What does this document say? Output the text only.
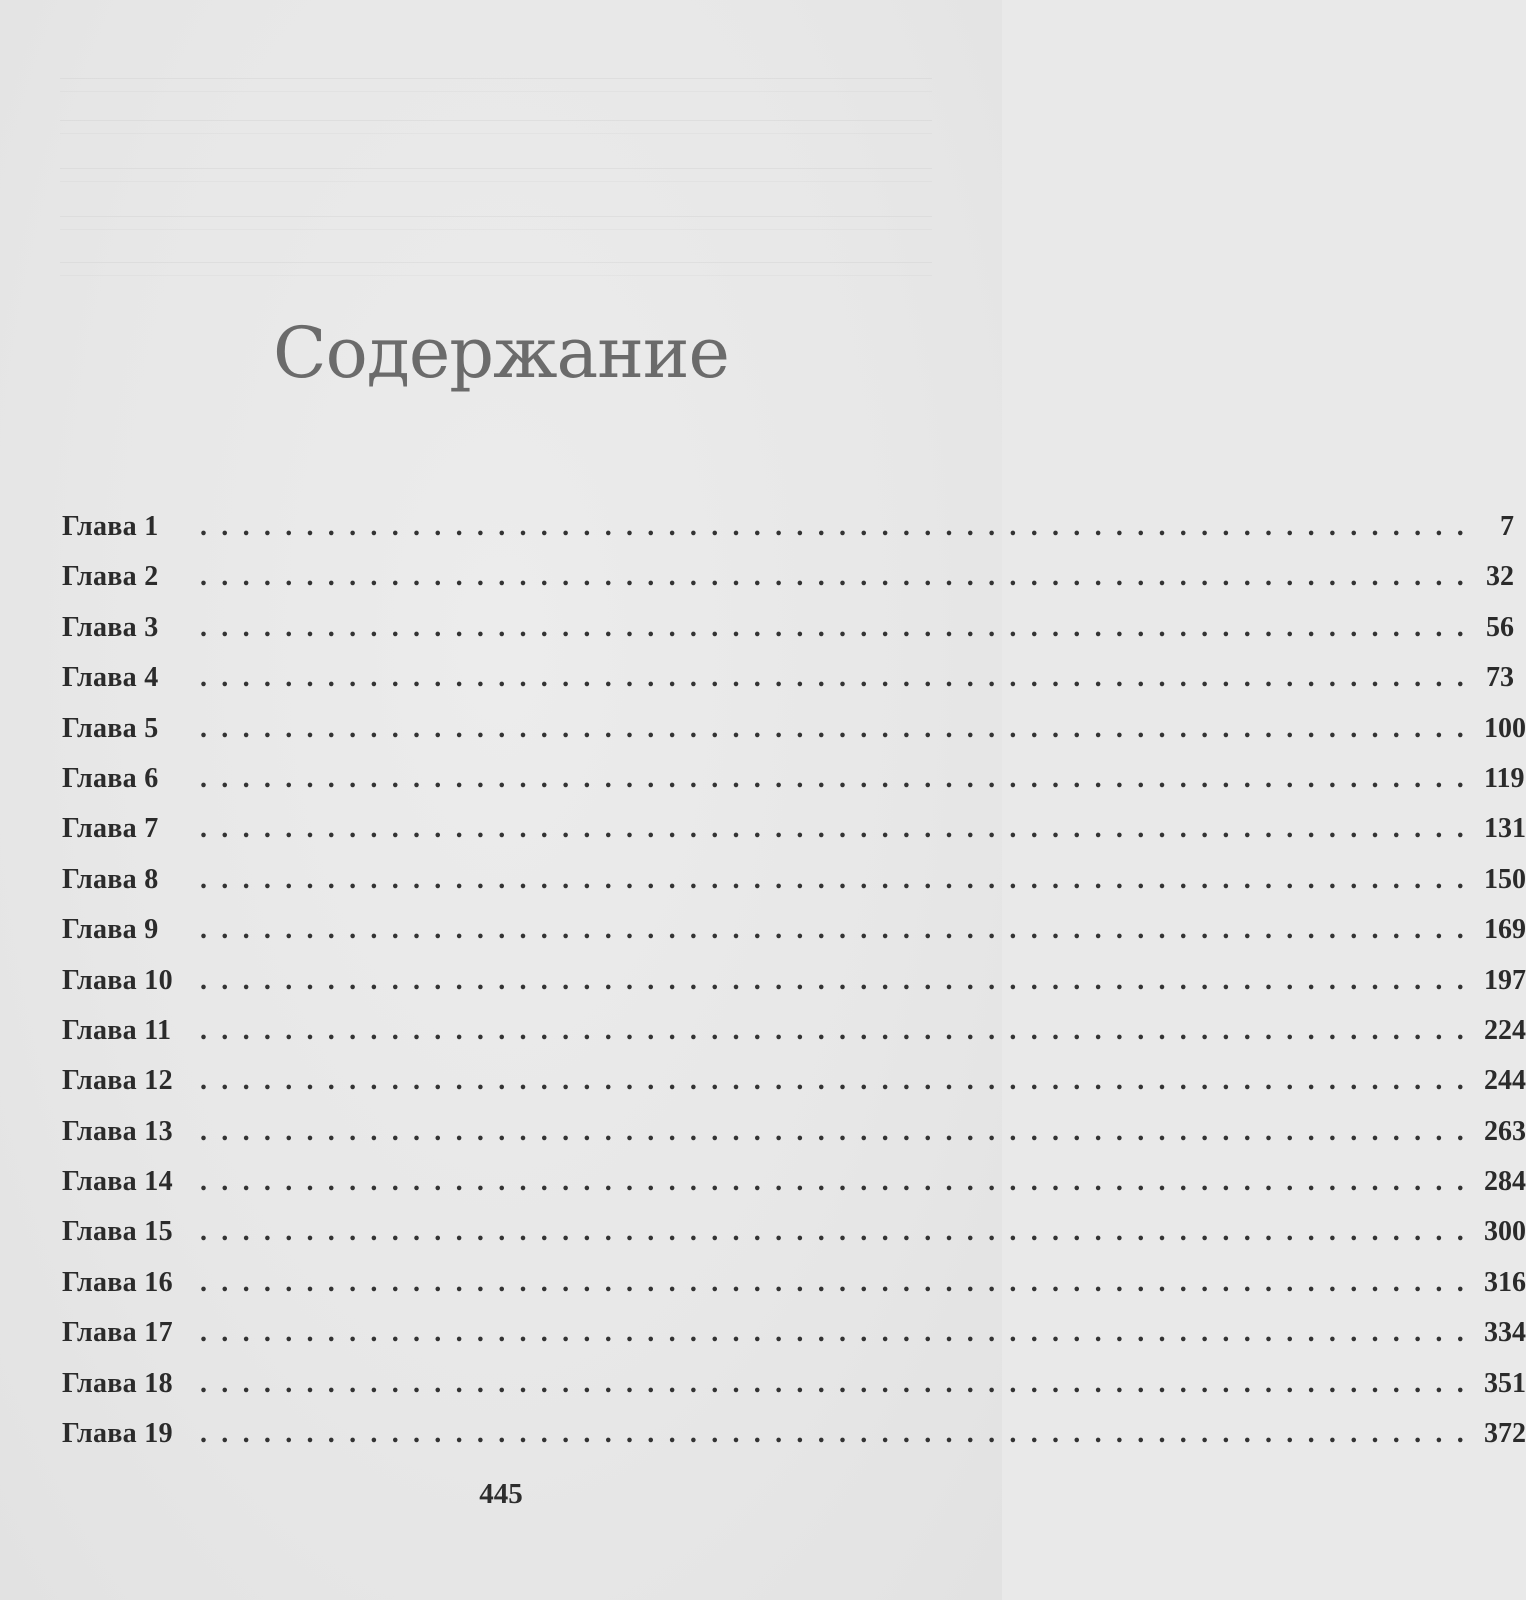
Содержание
Глава 1	............................................................ 7
Глава 2	............................................................ 32
Глава 3	............................................................ 56
Глава 4	............................................................ 73
Глава 5	............................................................ 100
Глава 6	............................................................ 119
Глава 7	............................................................ 131
Глава 8	............................................................ 150
Глава 9	............................................................ 169
Глава 10 ............................................................ 197
Глава 11	............................................................ 224
Глава 12 ............................................................ 244
Глава 13 ............................................................ 263
Глава 14 ............................................................ 284
Глава 15 ............................................................ 300
Глава 16 ............................................................ 316
Глава 17 ............................................................ 334
Глава 18 ............................................................ 351
Глава 19 ............................................................ 372
445
